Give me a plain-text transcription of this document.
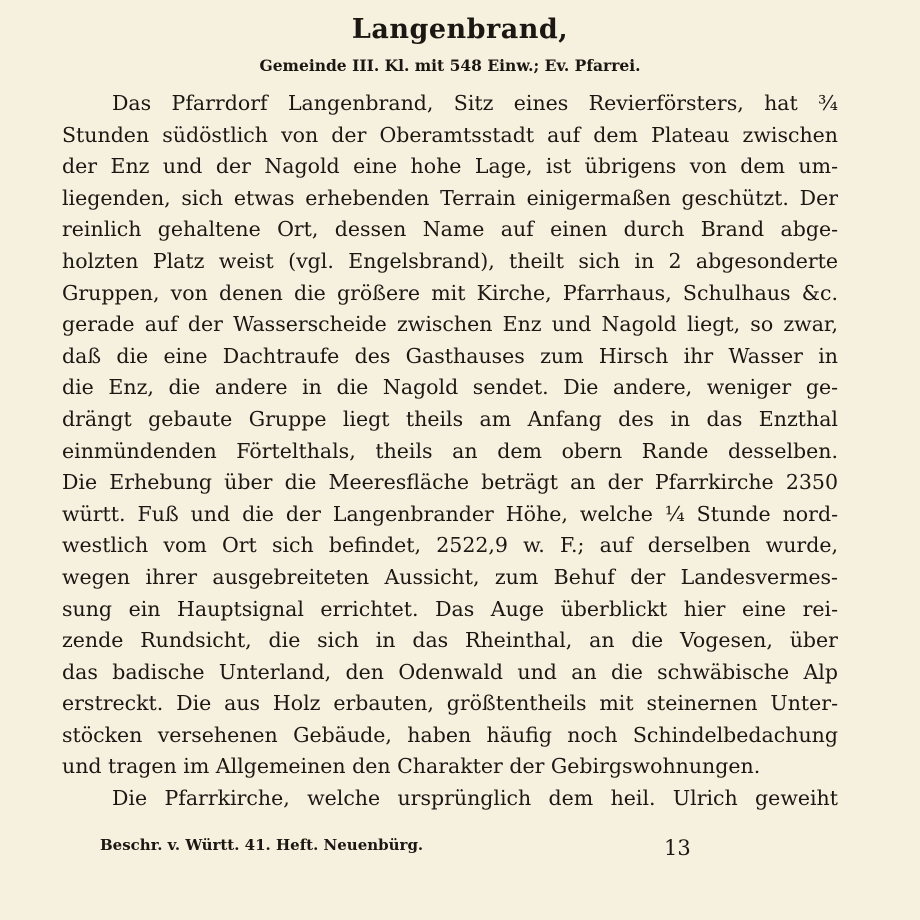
Langenbrand,
Gemeinde III. Kl. mit 548 Einw.; Ev. Pfarrei.
Das Pfarrdorf Langenbrand, Sitz eines Revierförsters, hat ¾
Stunden südöstlich von der Oberamtsstadt auf dem Plateau zwischen
der Enz und der Nagold eine hohe Lage, ist übrigens von dem um-
liegenden, sich etwas erhebenden Terrain einigermaßen geschützt. Der
reinlich gehaltene Ort, dessen Name auf einen durch Brand abge-
holzten Platz weist (vgl. Engelsbrand), theilt sich in 2 abgesonderte
Gruppen, von denen die größere mit Kirche, Pfarrhaus, Schulhaus &c.
gerade auf der Wasserscheide zwischen Enz und Nagold liegt, so zwar,
daß die eine Dachtraufe des Gasthauses zum Hirsch ihr Wasser in
die Enz, die andere in die Nagold sendet. Die andere, weniger ge-
drängt gebaute Gruppe liegt theils am Anfang des in das Enzthal
einmündenden Förtelthals, theils an dem obern Rande desselben.
Die Erhebung über die Meeresfläche beträgt an der Pfarrkirche 2350
württ. Fuß und die der Langenbrander Höhe, welche ¼ Stunde nord-
westlich vom Ort sich befindet, 2522,9 w. F.; auf derselben wurde,
wegen ihrer ausgebreiteten Aussicht, zum Behuf der Landesvermes-
sung ein Hauptsignal errichtet. Das Auge überblickt hier eine rei-
zende Rundsicht, die sich in das Rheinthal, an die Vogesen, über
das badische Unterland, den Odenwald und an die schwäbische Alp
erstreckt. Die aus Holz erbauten, größtentheils mit steinernen Unter-
stöcken versehenen Gebäude, haben häufig noch Schindelbedachung
und tragen im Allgemeinen den Charakter der Gebirgswohnungen.
Die Pfarrkirche, welche ursprünglich dem heil. Ulrich geweiht
Beschr. v. Württ. 41. Heft. Neuenbürg.	13
